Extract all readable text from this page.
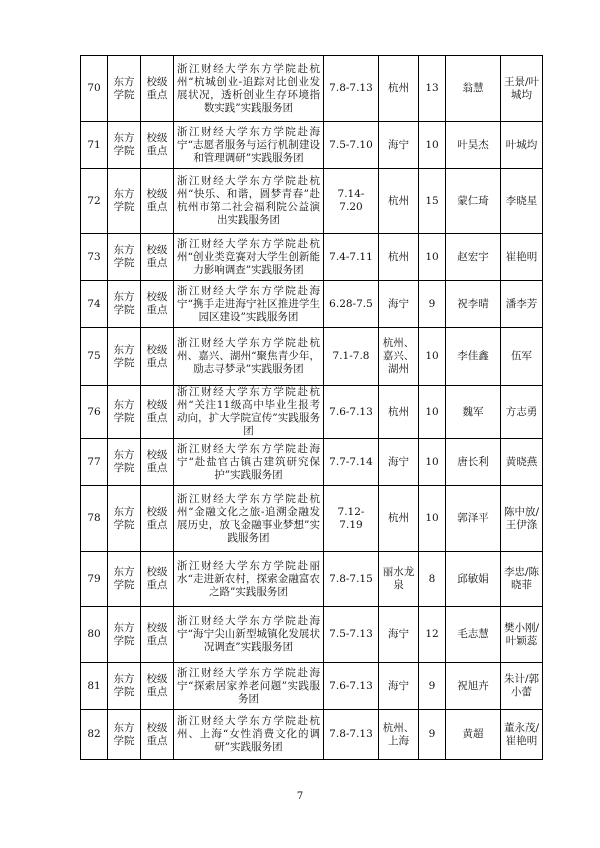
70	东方学院	校级重点	浙江财经大学东方学院赴杭州“杭城创业-追踪对比创业发展状况，透析创业生存环境指数实践”实践服务团	7.8-7.13	杭州	13	翁慧	王景/叶城均
71	东方学院	校级重点	浙江财经大学东方学院赴海宁“志愿者服务与运行机制建设和管理调研”实践服务团	7.5-7.10	海宁	10	叶昊杰	叶城均
72	东方学院	校级重点	浙江财经大学东方学院赴杭州“快乐、和谐，圆梦青春”赴杭州市第二社会福利院公益演出实践服务团	7.14-7.20	杭州	15	蒙仁琦	李晓星
73	东方学院	校级重点	浙江财经大学东方学院赴杭州“创业类竞赛对大学生创新能力影响调查”实践服务团	7.4-7.11	杭州	10	赵宏宇	崔艳明
74	东方学院	校级重点	浙江财经大学东方学院赴海宁“携手走进海宁社区推进学生园区建设”实践服务团	6.28-7.5	海宁	9	祝李晴	潘李芳
75	东方学院	校级重点	浙江财经大学东方学院赴杭州、嘉兴、湖州“聚焦青少年，励志寻梦录”实践服务团	7.1-7.8	杭州、嘉兴、湖州	10	李佳鑫	伍军
76	东方学院	校级重点	浙江财经大学东方学院赴杭州“关注11级高中毕业生报考动向，扩大学院宣传”实践服务团	7.6-7.13	杭州	10	魏军	方志勇
77	东方学院	校级重点	浙江财经大学东方学院赴海宁“赴盐官古镇古建筑研究保护”实践服务团	7.7-7.14	海宁	10	唐长利	黄晓燕
78	东方学院	校级重点	浙江财经大学东方学院赴杭州“金融文化之旅-追溯金融发展历史，放飞金融事业梦想”实践服务团	7.12-7.19	杭州	10	郭泽平	陈中放/王伊涤
79	东方学院	校级重点	浙江财经大学东方学院赴丽水“走进新农村，探索金融富农之路”实践服务团	7.8-7.15	丽水龙泉	8	邱敏娟	李忠/陈晓菲
80	东方学院	校级重点	浙江财经大学东方学院赴海宁“海宁尖山新型城镇化发展状况调查”实践服务团	7.5-7.13	海宁	12	毛志慧	樊小刚/叶颖蕊
81	东方学院	校级重点	浙江财经大学东方学院赴海宁“探索居家养老问题”实践服务团	7.6-7.13	海宁	9	祝旭卉	朱计/郭小蕾
82	东方学院	校级重点	浙江财经大学东方学院赴杭州、上海“女性消费文化的调研”实践服务团	7.8-7.13	杭州、上海	9	黄超	董永茂/崔艳明
7
